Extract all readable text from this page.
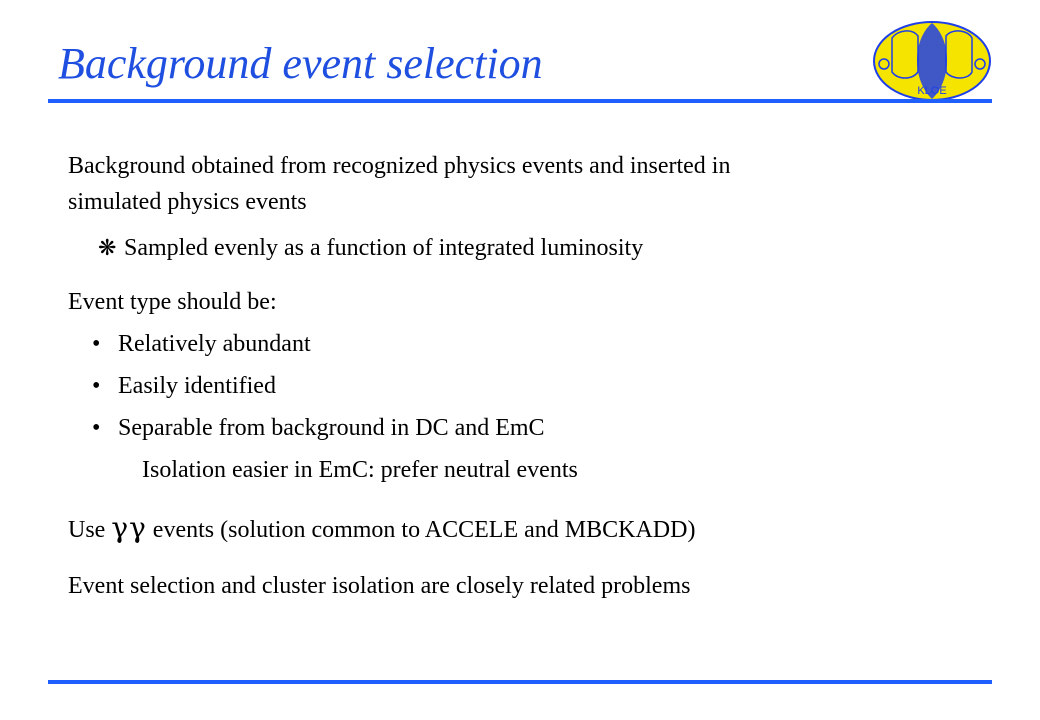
Background event selection
KLOE
Background obtained from recognized physics events and inserted in
simulated physics events
❋ Sampled evenly as a function of integrated luminosity
Event type should be:
• Relatively abundant
• Easily identified
• Separable from background in DC and EmC
Isolation easier in EmC: prefer neutral events
Use γγ events (solution common to ACCELE and MBCKADD)
Event selection and cluster isolation are closely related problems
